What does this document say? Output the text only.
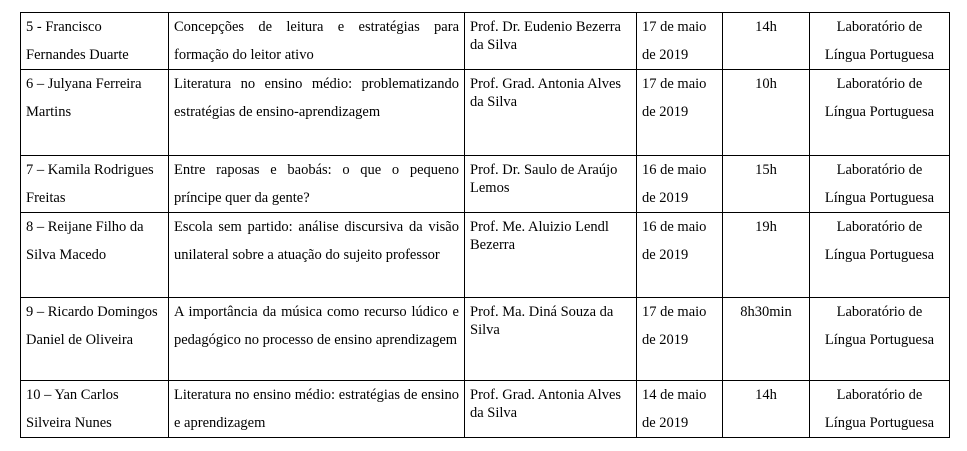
5 - Francisco Fernandes Duarte	Concepções de leitura e estratégias para formação do leitor ativo	Prof. Dr. Eudenio Bezerra da Silva	17 de maio de 2019	14h	Laboratório de Língua Portuguesa
6 – Julyana Ferreira Martins	Literatura no ensino médio: problematizando estratégias de ensino-aprendizagem	Prof. Grad. Antonia Alves da Silva	17 de maio de 2019	10h	Laboratório de Língua Portuguesa
7 – Kamila Rodrigues Freitas	Entre raposas e baobás: o que o pequeno príncipe quer da gente?	Prof. Dr. Saulo de Araújo Lemos	16 de maio de 2019	15h	Laboratório de Língua Portuguesa
8 – Reijane Filho da Silva Macedo	Escola sem partido: análise discursiva da visão unilateral sobre a atuação do sujeito professor	Prof. Me. Aluizio Lendl Bezerra	16 de maio de 2019	19h	Laboratório de Língua Portuguesa
9 – Ricardo Domingos Daniel de Oliveira	A importância da música como recurso lúdico e pedagógico no processo de ensino aprendizagem	Prof. Ma. Diná Souza da Silva	17 de maio de 2019	8h30min	Laboratório de Língua Portuguesa
10 – Yan Carlos Silveira Nunes	Literatura no ensino médio: estratégias de ensino e aprendizagem	Prof. Grad. Antonia Alves da Silva	14 de maio de 2019	14h	Laboratório de Língua Portuguesa
